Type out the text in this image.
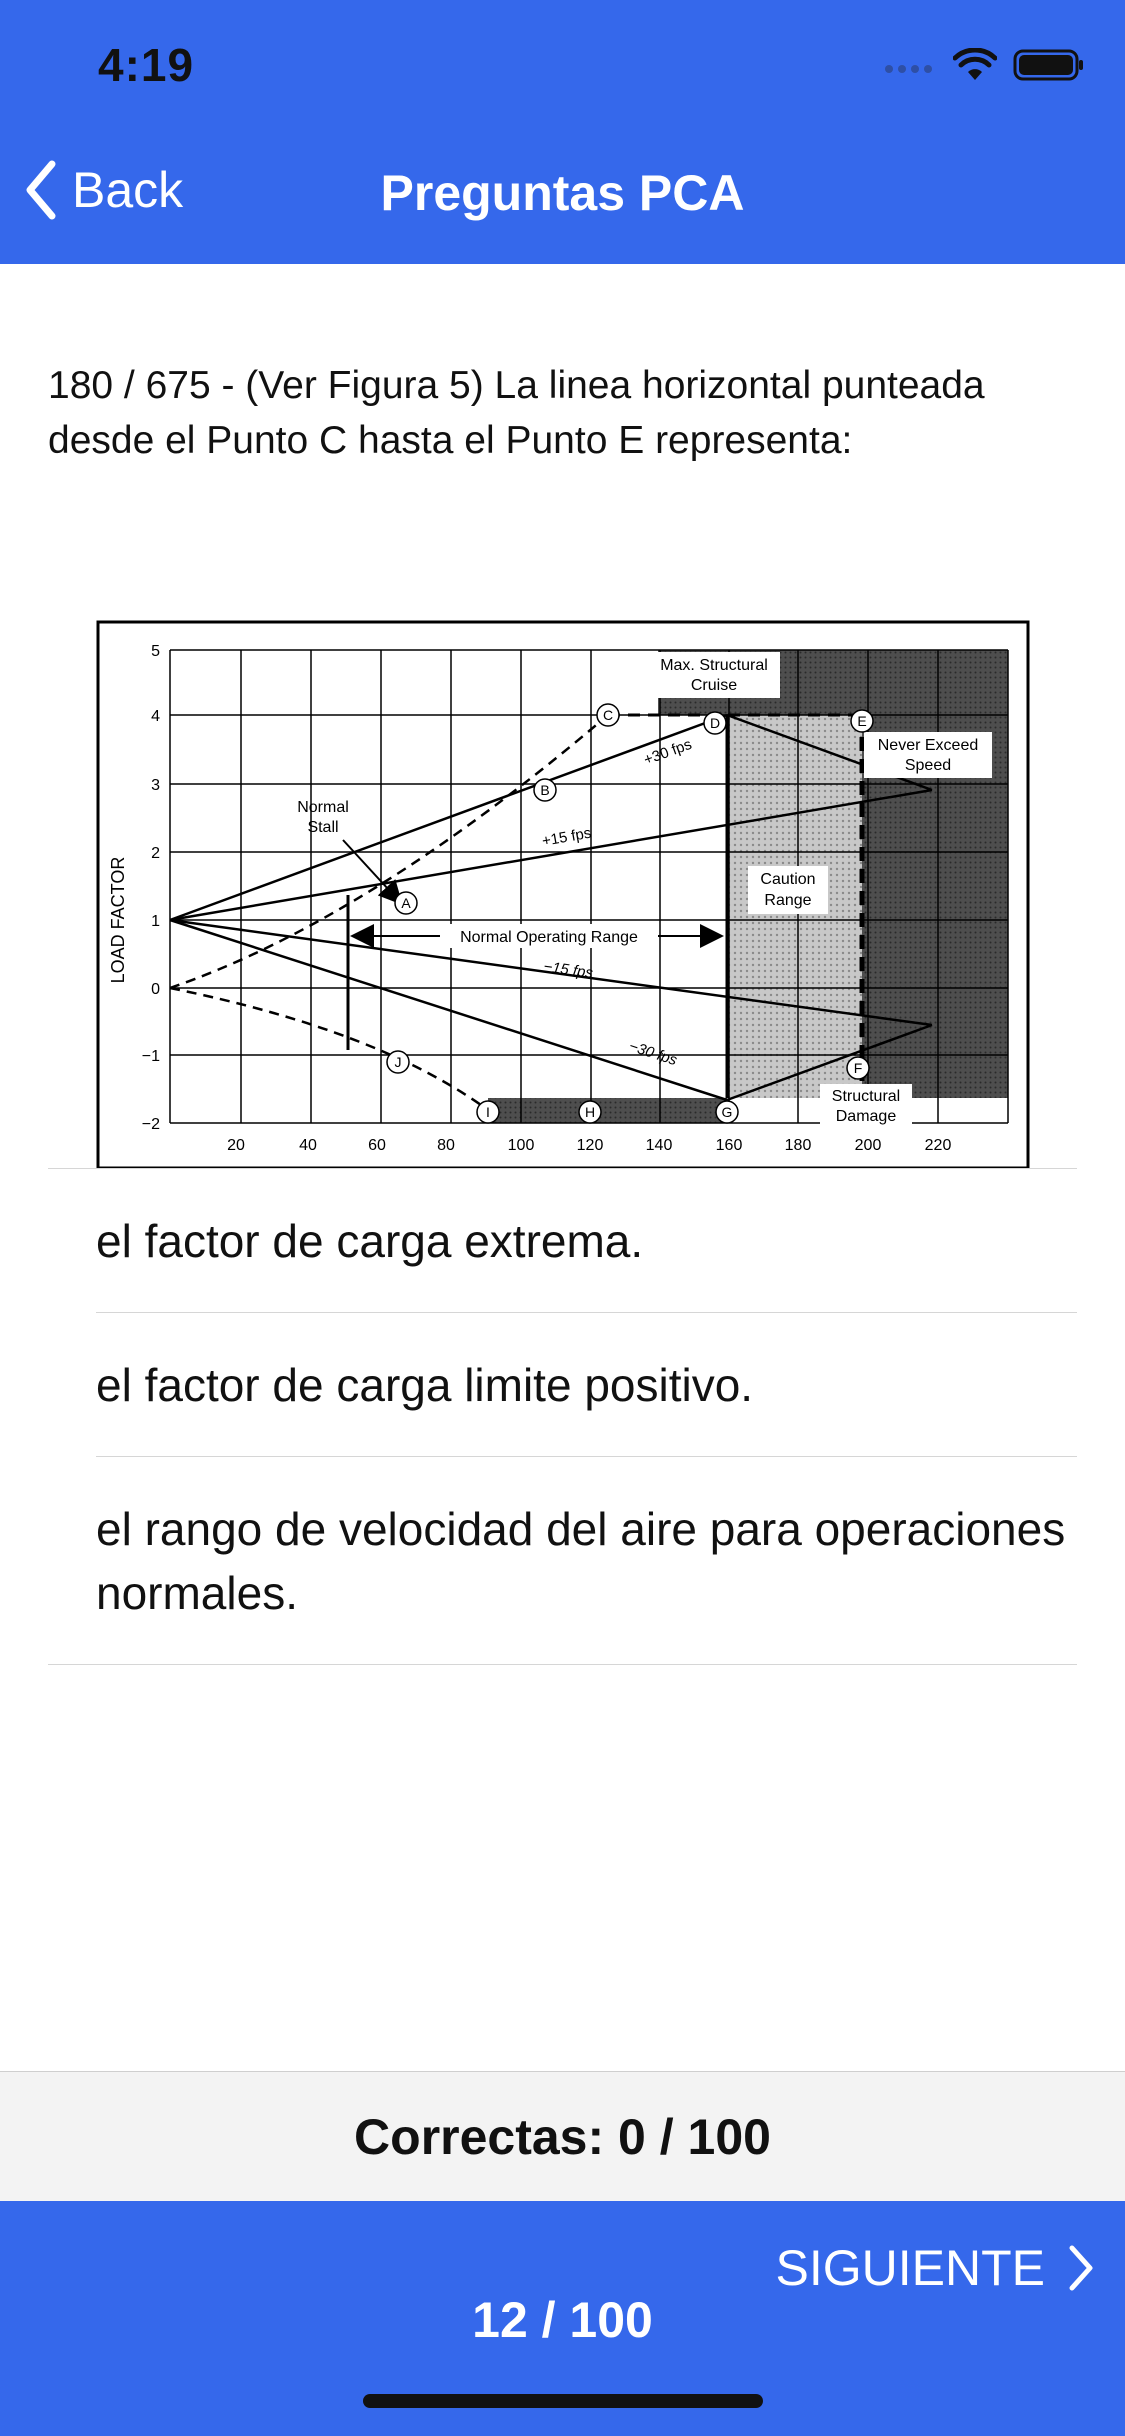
4:19
Back	Preguntas PCA
180 / 675 - (Ver Figura 5) La linea horizontal punteada desde el Punto C hasta el Punto E representa:
LOAD FACTOR
5
4
3
2
1
0
−1
−2
20	40	60	80	100	120	140	160	180	200	220
Normal Operating Range
Max. Structural
Cruise
Never Exceed
Speed
Normal
Stall
Caution
Range
Structural
Damage
+30 fps
+15 fps
−15 fps
−30 fps
A
B
C	D	E
F
G
H
I
J
el factor de carga extrema.
el factor de carga limite positivo.
el rango de velocidad del aire para operaciones normales.
Correctas: 0 / 100
SIGUIENTE
12 / 100
